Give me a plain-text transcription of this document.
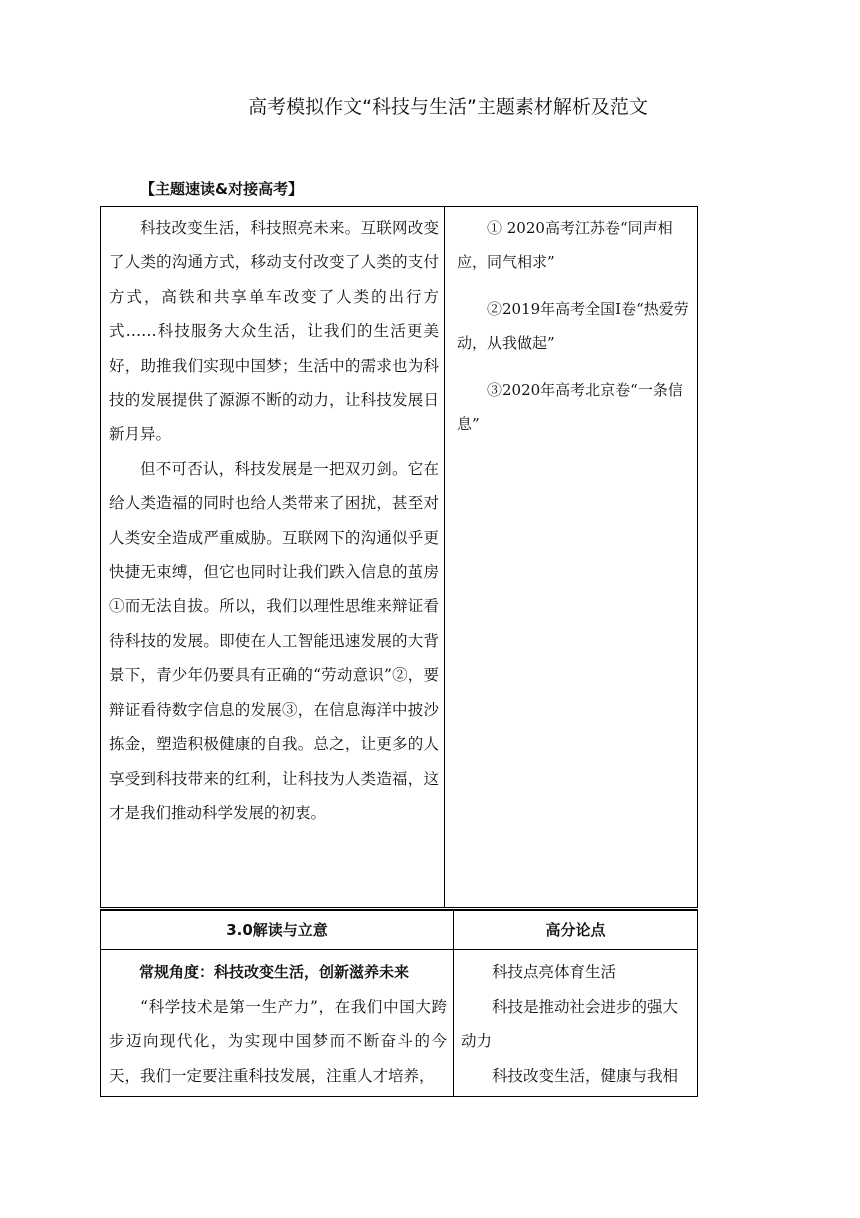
高考模拟作文“科技与生活”主题素材解析及范文
【主题速读&对接高考】

科技改变生活，科技照亮未来。互联网改变了人类的沟通方式，移动支付改变了人类的支付方式，高铁和共享单车改变了人类的出行方式……科技服务大众生活，让我们的生活更美好，助推我们实现中国梦；生活中的需求也为科技的发展提供了源源不断的动力，让科技发展日新月异。

但不可否认，科技发展是一把双刃剑。它在给人类造福的同时也给人类带来了困扰，甚至对人类安全造成严重威胁。互联网下的沟通似乎更快捷无束缚，但它也同时让我们跌入信息的茧房①而无法自拔。所以，我们以理性思维来辩证看待科技的发展。即使在人工智能迅速发展的大背景下，青少年仍要具有正确的“劳动意识”②，要辩证看待数字信息的发展③，在信息海洋中披沙拣金，塑造积极健康的自我。总之，让更多的人享受到科技带来的红利，让科技为人类造福，这才是我们推动科学发展的初衷。

① 2020高考江苏卷“同声相应，同气相求”

②2019年高考全国Ⅰ卷“热爱劳动，从我做起”

③2020年高考北京卷“一条信息”

3.0解读与立意	高分论点

常规角度：科技改变生活，创新滋养未来

“科学技术是第一生产力”，在我们中国大跨步迈向现代化，为实现中国梦而不断奋斗的今天，我们一定要注重科技发展，注重人才培养，

科技点亮体育生活

科技是推动社会进步的强大动力

科技改变生活，健康与我相
